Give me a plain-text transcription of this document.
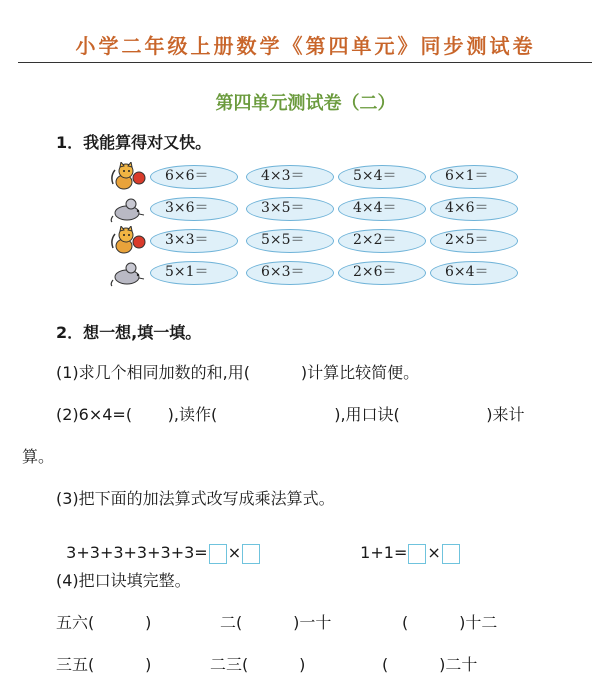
小学二年级上册数学《第四单元》同步测试卷
第四单元测试卷（二）
1．我能算得对又快。
6×6＝	4×3＝	5×4＝	6×1＝
3×6＝	3×5＝	4×4＝	4×6＝
3×3＝	5×5＝	2×2＝	2×5＝
5×1＝	6×3＝	2×6＝	6×4＝
2．想一想,填一填。
(1)求几个相同加数的和,用(          )计算比较简便。
(2)6×4=(       ),读作(                       ),用口诀(                 )来计
算。
(3)把下面的加法算式改写成乘法算式。

3+3+3+3+3+3= ×	1+1= ×

(4)把口诀填完整。
五六(          )	二(          )一十	(          )十二
三五(          )	二三(          )	(          )二十
